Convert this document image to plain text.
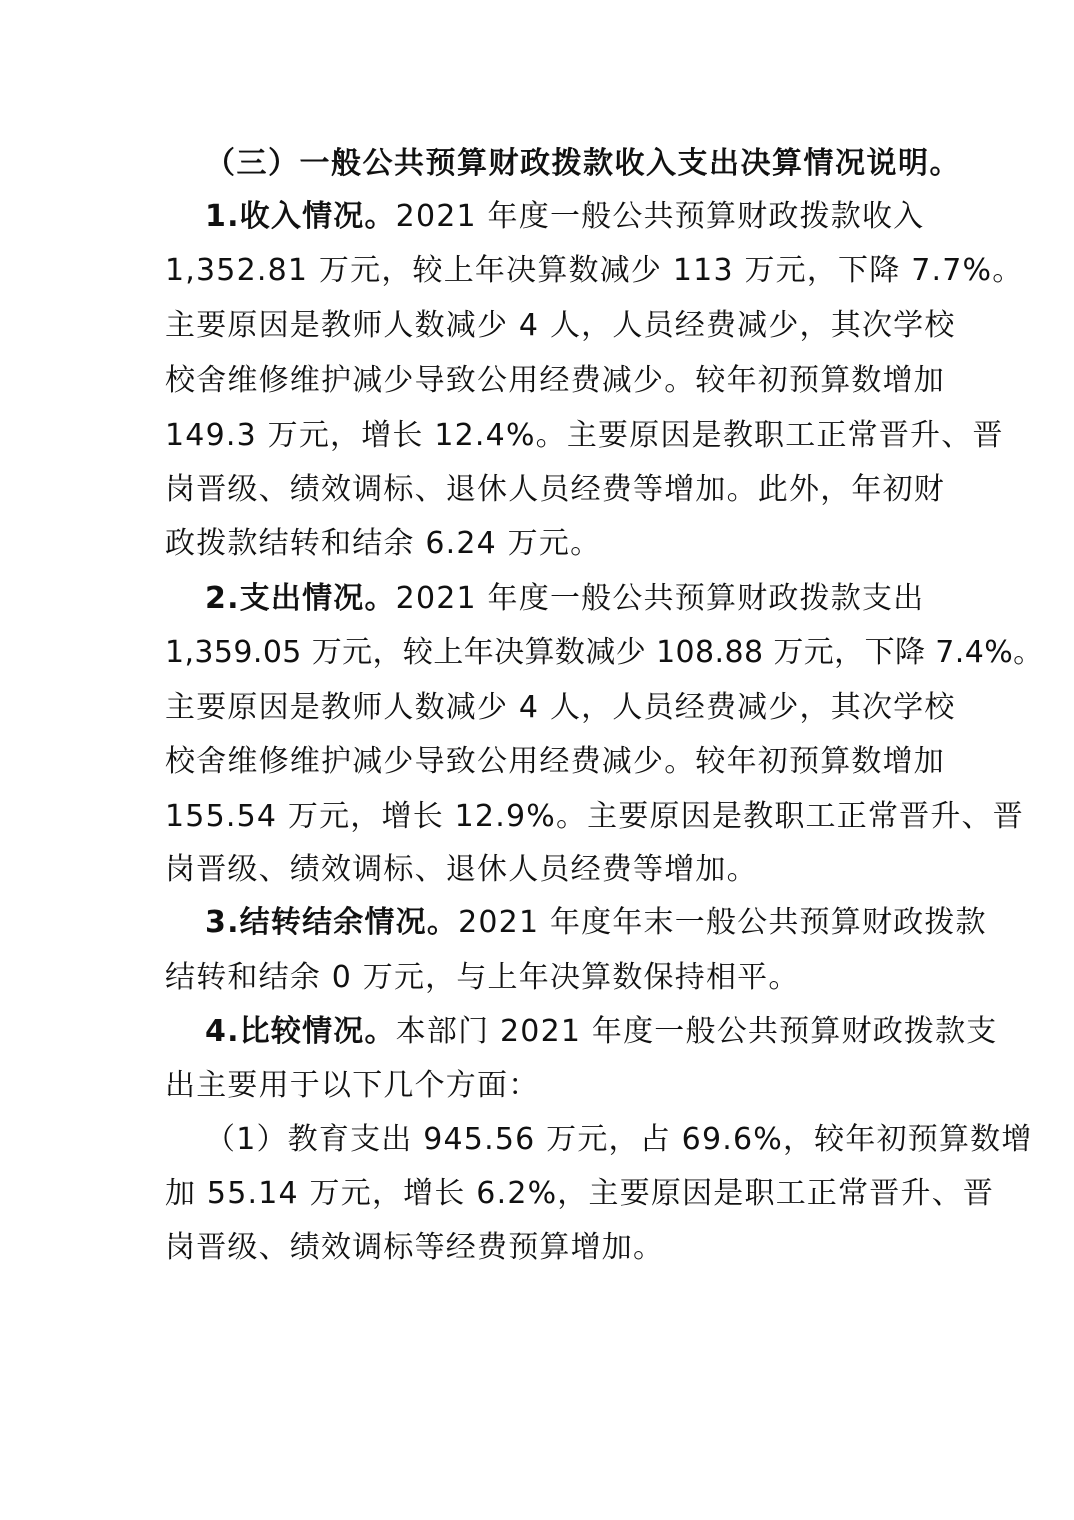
（三）一般公共预算财政拨款收入支出决算情况说明。
1.收入情况。2021 年度一般公共预算财政拨款收入
1,352.81 万元，较上年决算数减少 113 万元，下降 7.7%。
主要原因是教师人数减少 4 人，人员经费减少，其次学校
校舍维修维护减少导致公用经费减少。较年初预算数增加
149.3 万元，增长 12.4%。主要原因是教职工正常晋升、晋
岗晋级、绩效调标、退休人员经费等增加。此外，年初财
政拨款结转和结余 6.24 万元。
2.支出情况。2021 年度一般公共预算财政拨款支出
1,359.05 万元，较上年决算数减少 108.88 万元，下降 7.4%。
主要原因是教师人数减少 4 人，人员经费减少，其次学校
校舍维修维护减少导致公用经费减少。较年初预算数增加
155.54 万元，增长 12.9%。主要原因是教职工正常晋升、晋
岗晋级、绩效调标、退休人员经费等增加。
3.结转结余情况。2021 年度年末一般公共预算财政拨款
结转和结余 0 万元，与上年决算数保持相平。
4.比较情况。本部门 2021 年度一般公共预算财政拨款支
出主要用于以下几个方面：
（1）教育支出 945.56 万元，占 69.6%，较年初预算数增
加 55.14 万元，增长 6.2%，主要原因是职工正常晋升、晋
岗晋级、绩效调标等经费预算增加。
